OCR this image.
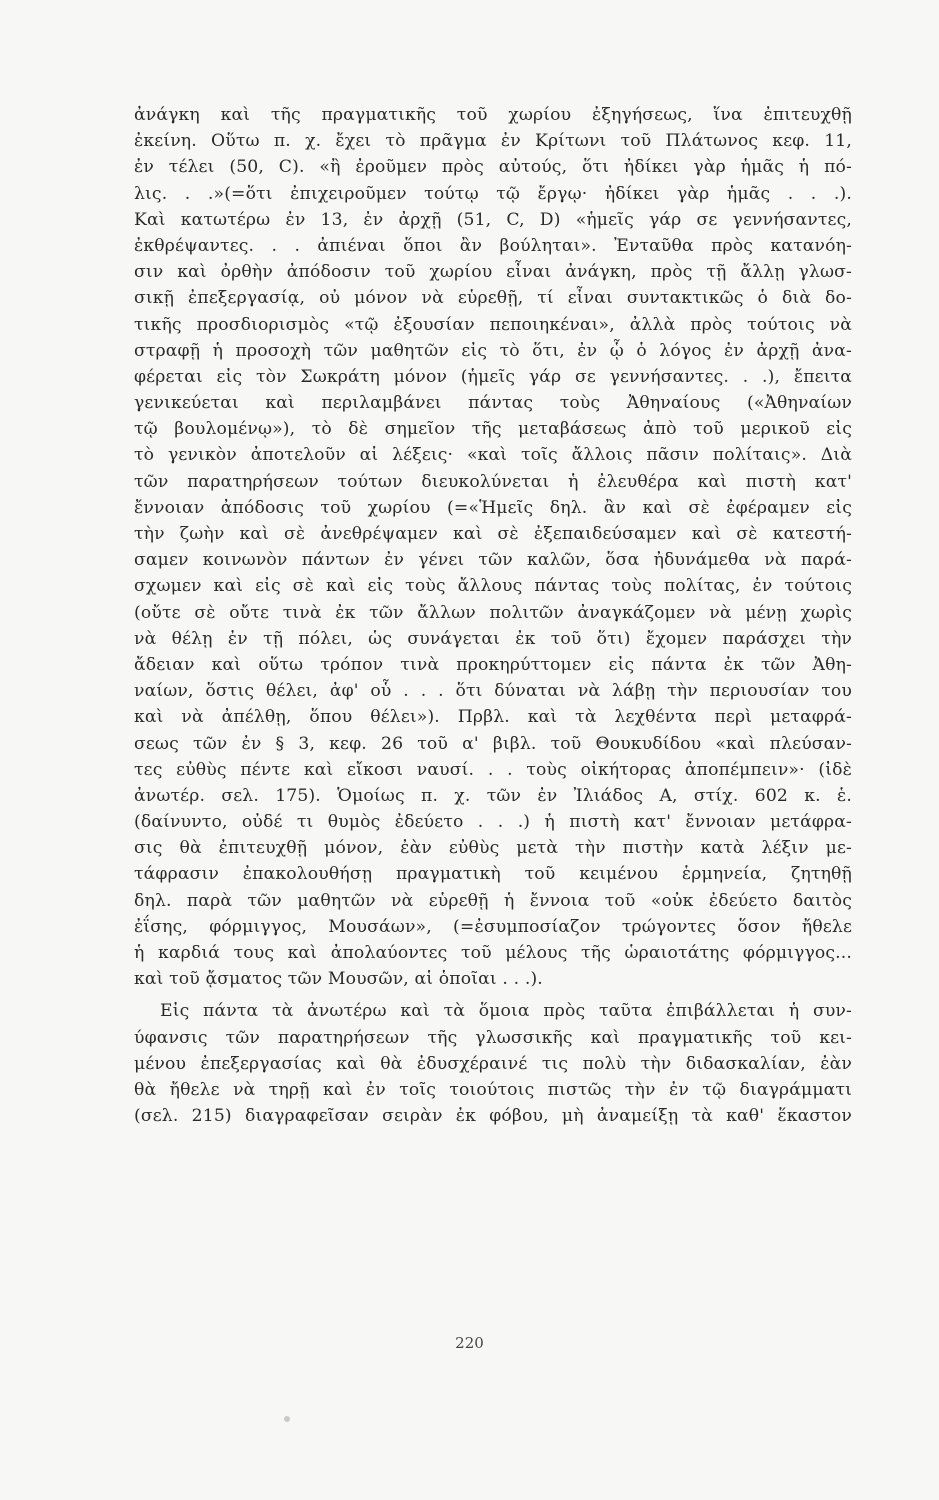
ἀνάγκη καὶ τῆς πραγματικῆς τοῦ χωρίου ἐξηγήσεως, ἵνα ἐπιτευχθῇ
ἐκείνη. Οὕτω π. χ. ἔχει τὸ πρᾶγμα ἐν Κρίτωνι τοῦ Πλάτωνος κεφ. 11,
ἐν τέλει (50, C). «ἢ ἐροῦμεν πρὸς αὐτούς, ὅτι ἠδίκει γὰρ ἡμᾶς ἡ πό-
λις. . .»(=ὅτι ἐπιχειροῦμεν τούτῳ τῷ ἔργῳ· ἠδίκει γὰρ ἡμᾶς . . .).
Καὶ κατωτέρω ἐν 13, ἐν ἀρχῇ (51, C, D) «ἡμεῖς γάρ σε γεννήσαντες,
ἐκθρέψαντες. . . ἀπιέναι ὅποι ἂν βούληται». Ἐνταῦθα πρὸς κατανόη-
σιν καὶ ὀρθὴν ἀπόδοσιν τοῦ χωρίου εἶναι ἀνάγκη, πρὸς τῇ ἄλλῃ γλωσ-
σικῇ ἐπεξεργασίᾳ, οὐ μόνον νὰ εὑρεθῇ, τί εἶναι συντακτικῶς ὁ διὰ δο-
τικῆς προσδιορισμὸς «τῷ ἐξουσίαν πεποιηκέναι», ἀλλὰ πρὸς τούτοις νὰ
στραφῇ ἡ προσοχὴ τῶν μαθητῶν εἰς τὸ ὅτι, ἐν ᾧ ὁ λόγος ἐν ἀρχῇ ἀνα-
φέρεται εἰς τὸν Σωκράτη μόνον (ἡμεῖς γάρ σε γεννήσαντες. . .), ἔπειτα
γενικεύεται καὶ περιλαμβάνει πάντας τοὺς Ἀθηναίους («Ἀθηναίων
τῷ βουλομένῳ»), τὸ δὲ σημεῖον τῆς μεταβάσεως ἀπὸ τοῦ μερικοῦ εἰς
τὸ γενικὸν ἀποτελοῦν αἱ λέξεις· «καὶ τοῖς ἄλλοις πᾶσιν πολίταις». Διὰ
τῶν παρατηρήσεων τούτων διευκολύνεται ἡ ἐλευθέρα καὶ πιστὴ κατ'
ἔννοιαν ἀπόδοσις τοῦ χωρίου (=«Ἡμεῖς δηλ. ἂν καὶ σὲ ἐφέραμεν εἰς
τὴν ζωὴν καὶ σὲ ἀνεθρέψαμεν καὶ σὲ ἐξεπαιδεύσαμεν καὶ σὲ κατεστή-
σαμεν κοινωνὸν πάντων ἐν γένει τῶν καλῶν, ὅσα ἠδυνάμεθα νὰ παρά-
σχωμεν καὶ εἰς σὲ καὶ εἰς τοὺς ἄλλους πάντας τοὺς πολίτας, ἐν τούτοις
(οὔτε σὲ οὔτε τινὰ ἐκ τῶν ἄλλων πολιτῶν ἀναγκάζομεν νὰ μένῃ χωρὶς
νὰ θέλῃ ἐν τῇ πόλει, ὡς συνάγεται ἐκ τοῦ ὅτι) ἔχομεν παράσχει τὴν
ἄδειαν καὶ οὕτω τρόπον τινὰ προκηρύττομεν εἰς πάντα ἐκ τῶν Ἀθη-
ναίων, ὅστις θέλει, ἀφ' οὗ . . . ὅτι δύναται νὰ λάβῃ τὴν περιουσίαν του
καὶ νὰ ἀπέλθῃ, ὅπου θέλει»). Πρβλ. καὶ τὰ λεχθέντα περὶ μεταφρά-
σεως τῶν ἐν § 3, κεφ. 26 τοῦ α' βιβλ. τοῦ Θουκυδίδου «καὶ πλεύσαν-
τες εὐθὺς πέντε καὶ εἴκοσι ναυσί. . . τοὺς οἰκήτορας ἀποπέμπειν»· (ἰδὲ
ἀνωτέρ. σελ. 175). Ὁμοίως π. χ. τῶν ἐν Ἰλιάδος Α, στίχ. 602 κ. ἑ.
(δαίνυντο, οὐδέ τι θυμὸς ἐδεύετο . . .) ἡ πιστὴ κατ' ἔννοιαν μετάφρα-
σις θὰ ἐπιτευχθῇ μόνον, ἐὰν εὐθὺς μετὰ τὴν πιστὴν κατὰ λέξιν με-
τάφρασιν ἐπακολουθήσῃ πραγματικὴ τοῦ κειμένου ἑρμηνεία, ζητηθῇ
δηλ. παρὰ τῶν μαθητῶν νὰ εὑρεθῇ ἡ ἔννοια τοῦ «οὐκ ἐδεύετο δαιτὸς
ἐΐσης, φόρμιγγος, Μουσάων», (=ἐσυμποσίαζον τρώγοντες ὅσον ἤθελε
ἡ καρδιά τους καὶ ἀπολαύοντες τοῦ μέλους τῆς ὡραιοτάτης φόρμιγγος...
καὶ τοῦ ᾄσματος τῶν Μουσῶν, αἱ ὁποῖαι . . .).
Εἰς πάντα τὰ ἀνωτέρω καὶ τὰ ὅμοια πρὸς ταῦτα ἐπιβάλλεται ἡ συν-
ύφανσις τῶν παρατηρήσεων τῆς γλωσσικῆς καὶ πραγματικῆς τοῦ κει-
μένου ἐπεξεργασίας καὶ θὰ ἐδυσχέραινέ τις πολὺ τὴν διδασκαλίαν, ἐὰν
θὰ ἤθελε νὰ τηρῇ καὶ ἐν τοῖς τοιούτοις πιστῶς τὴν ἐν τῷ διαγράμματι
(σελ. 215) διαγραφεῖσαν σειρὰν ἐκ φόβου, μὴ ἀναμείξῃ τὰ καθ' ἕκαστον
220
